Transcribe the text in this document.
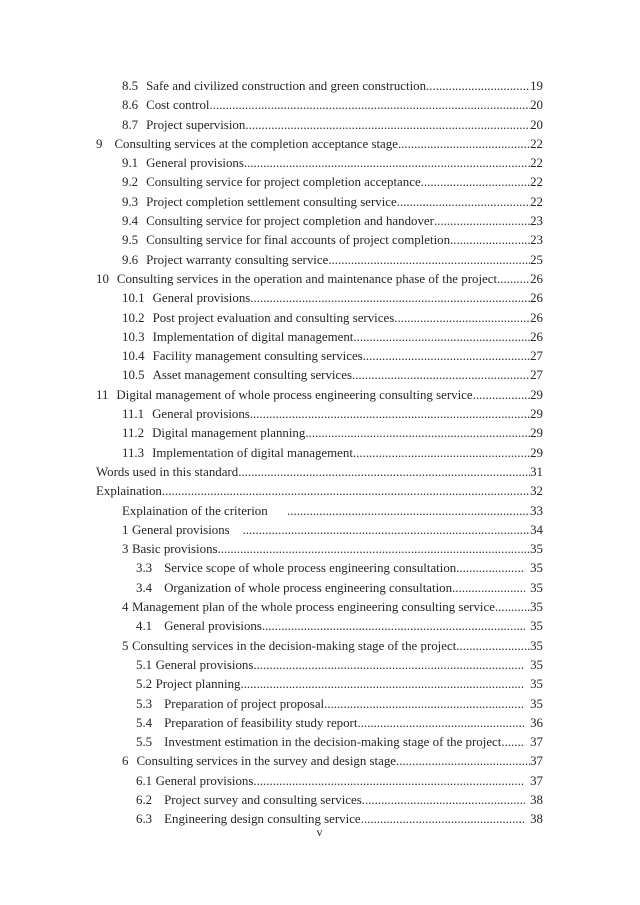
8.5 Safe and civilized construction and green construction .....	19
8.6 Cost control .....	20
8.7 Project supervision .....	20
9 Consulting services at the completion acceptance stage .....	22
9.1 General provisions .....	22
9.2 Consulting service for project completion acceptance .....	22
9.3 Project completion settlement consulting service .....	22
9.4 Consulting service for project completion and handover .....	23
9.5 Consulting service for final accounts of project completion .....	23
9.6 Project warranty consulting service .....	25
10 Consulting services in the operation and maintenance phase of the project .....	26
10.1 General provisions .....	26
10.2 Post project evaluation and consulting services .....	26
10.3 Implementation of digital management .....	26
10.4 Facility management consulting services .....	27
10.5 Asset management consulting services .....	27
11 Digital management of whole process engineering consulting service .....	29
11.1 General provisions .....	29
11.2 Digital management planning .....	29
11.3 Implementation of digital management .....	29
Words used in this standard .....	31
Explaination .....	32
Explaination of the criterion .....	33
1 General provisions .....	34
3 Basic provisions .....	35
3.3 Service scope of whole process engineering consultation .....	35
3.4 Organization of whole process engineering consultation .....	35
4 Management plan of the whole process engineering consulting service .....	35
4.1 General provisions .....	35
5 Consulting services in the decision-making stage of the project .....	35
5.1 General provisions .....	35
5.2 Project planning .....	35
5.3 Preparation of project proposal .....	35
5.4 Preparation of feasibility study report .....	36
5.5 Investment estimation in the decision-making stage of the project .....	37
6 Consulting services in the survey and design stage .....	37
6.1 General provisions .....	37
6.2 Project survey and consulting services .....	38
6.3 Engineering design consulting service .....	38
v
